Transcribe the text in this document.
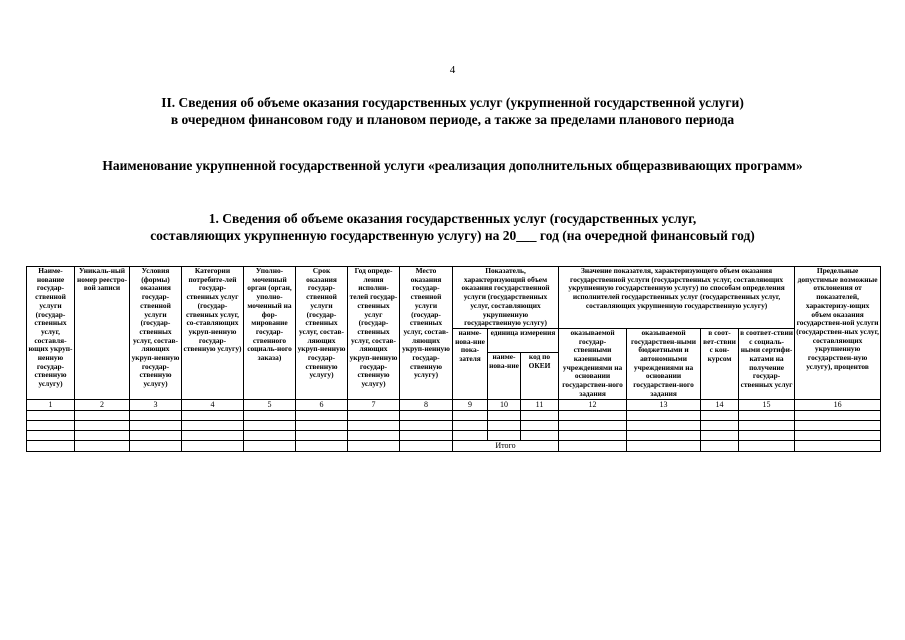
4
II. Сведения об объеме оказания государственных услуг (укрупненной государственной услуги)
в очередном финансовом году и плановом периоде, а также за пределами планового периода
Наименование укрупненной государственной услуги «реализация дополнительных общеразвивающих программ»
1. Сведения об объеме оказания государственных услуг (государственных услуг,
составляющих укрупненную государственную услугу) на 20___ год (на очередной финансовый год)
Наиме-нование государ-ственной услуги (государ-ственных услуг, составля-ющих укруп-ненную государ-ственную услугу)	Уникаль-ный номер реестро-вой записи	Условия (формы) оказания государ-ственной услуги (государ-ственных услуг, состав-ляющих укруп-ненную государ-ственную услугу)	Категории потребите-лей государ-ственных услуг (государ-ственных услуг, со-ставляющих укруп-ненную государ-ственную услугу)	Уполно-моченный орган (орган, уполно-моченный на фор-мирование государ-ственного социаль-ного заказа)	Срок оказания государ-ственной услуги (государ-ственных услуг, состав-ляющих укруп-ненную государ-ственную услугу)	Год опреде-ления исполни-телей государ-ственных услуг (государ-ственных услуг, состав-ляющих укруп-ненную государ-ственную услугу)	Место оказания государ-ственной услуги (государ-ственных услуг, состав-ляющих укруп-ненную государ-ственную услугу)	Показатель, характеризующий объем оказания государственной услуги (государственных услуг, составляющих укрупненную государственную услугу)			Значение показателя, характеризующего объем оказания государственной услуги (государственных услуг, составляющих укрупненную государственную услугу) по способам определения исполнителей государственных услуг (государственных услуг, составляющих укрупненную государственную услугу)				Предельные допустимые возможные отклонения от показателей, характеризу-ющих объем оказания государствен-ной услуги (государствен-ных услуг, составляющих укрупненную государствен-ную услугу), процентов
								наиме-нова-ние пока-зателя	единица измерения		оказываемой государ-ственными казенными учреждениями на основании государствен-ного задания	оказываемой государствен-ными бюджетными и автономными учреждениями на основании государствен-ного задания	в соот-вет-ствии с кон-курсом	в соответ-ствии с социаль-ными сертифи-катами на получение государ-ственных услуг	
									наиме-нова-ние	код по ОКЕИ					
1	2	3	4	5	6	7	8	9	10	11	12	13	14	15	16

								Итого							
